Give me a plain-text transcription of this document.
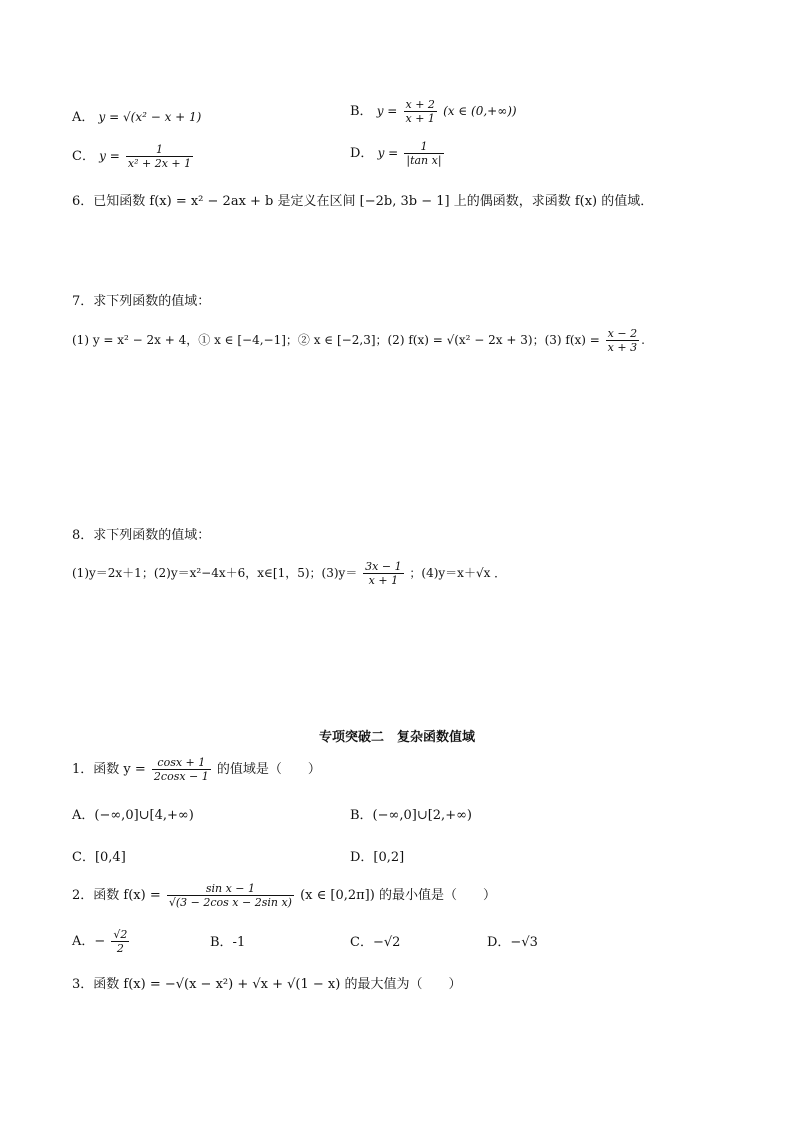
A． y = √(x² − x + 1)	B． $y = \frac{x + 2}{x + 1} (x$ ∈ (0,+∞))
C． $y = \frac{1}{\text{x² + 2x + 1}}$	D． $y = \frac{1}{\text{|tan x|}}$
6．已知函数 f(x) = x² − 2ax + b 是定义在区间 [−2b, 3b − 1] 上的偶函数，求函数 f(x) 的值域．
7．求下列函数的值域：
(1) y = x² − 2x + 4，① x ∈ [−4,−1]；② x ∈ [−2,3]；(2) f(x) = √(x² − 2x + 3)；(3) $f(x) = \frac{x - 2}{x + 3}$ .
8．求下列函数的值域：
(1)y＝2x＋1；(2)y＝x²−4x＋6，x∈[1，5)；$(3)y= \frac{3x - 1}{x + 1}$ ；(4)y＝x＋√x ．
专项突破二　复杂函数值域
1．函数 $y = \frac{\cos x + 1}{2\cos x - 1}$ 的值域是（　　）
A．(−∞,0]∪[4,+∞)	B．(−∞,0]∪[2,+∞)
C．[0,4]	D．[0,2]
2．函数 $f(x) = \frac{\text{sin x − 1}}{\text{√(3 − 2cos x − 2sin x)}} (x$ ∈ [0,2π]) 的最小值是（　　）
A．− $\frac{√2}{2}$	B．-1	C．−√2	D．−√3
3．函数 f(x) = −√(x − x²) + √x + √(1 − x) 的最大值为（　　）
